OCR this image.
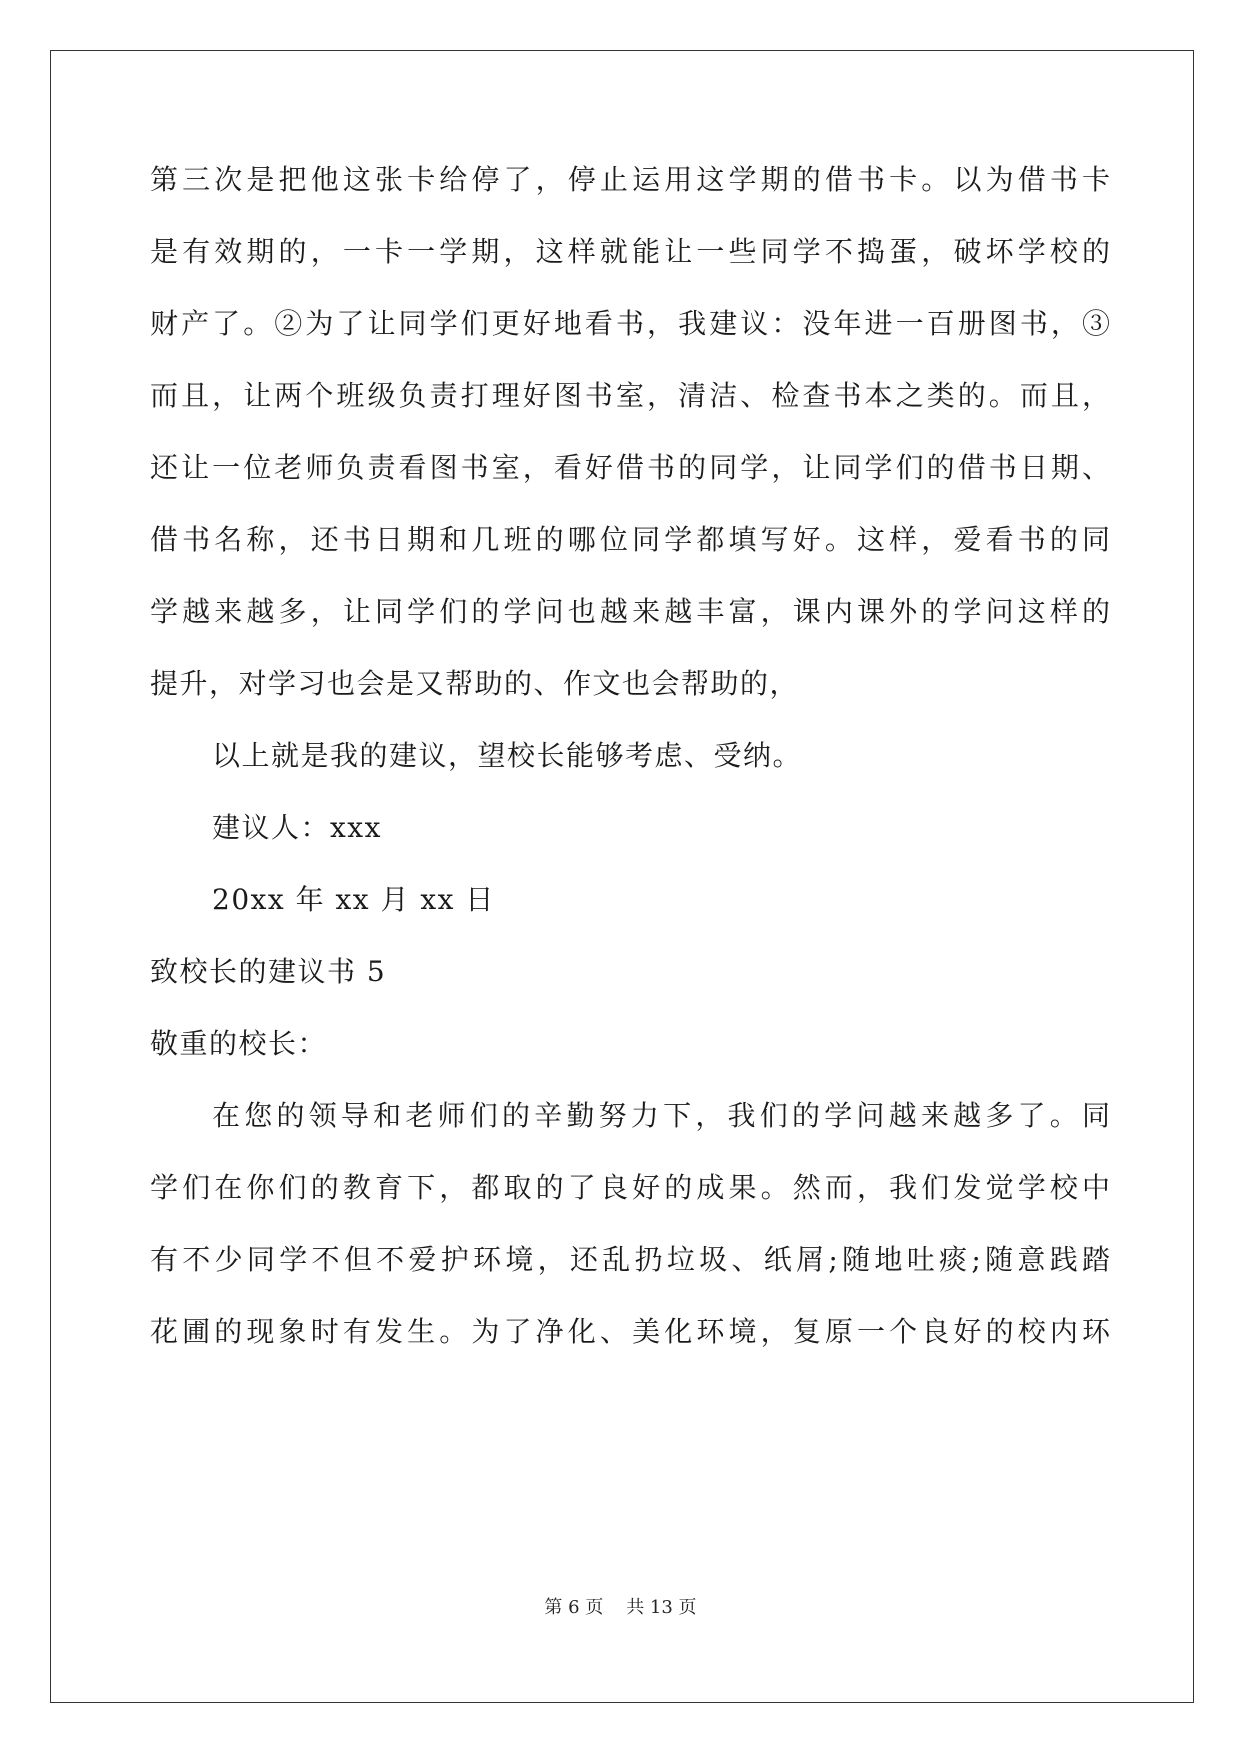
第三次是把他这张卡给停了，停止运用这学期的借书卡。以为借书卡
是有效期的，一卡一学期，这样就能让一些同学不捣蛋，破坏学校的
财产了。②为了让同学们更好地看书，我建议：没年进一百册图书，③
而且，让两个班级负责打理好图书室，清洁、检查书本之类的。而且，
还让一位老师负责看图书室，看好借书的同学，让同学们的借书日期、
借书名称，还书日期和几班的哪位同学都填写好。这样，爱看书的同
学越来越多，让同学们的学问也越来越丰富，课内课外的学问这样的
提升，对学习也会是又帮助的、作文也会帮助的，
以上就是我的建议，望校长能够考虑、受纳。
建议人：xxx
20xx 年 xx 月 xx 日
致校长的建议书 5
敬重的校长：
在您的领导和老师们的辛勤努力下，我们的学问越来越多了。同
学们在你们的教育下，都取的了良好的成果。然而，我们发觉学校中
有不少同学不但不爱护环境，还乱扔垃圾、纸屑;随地吐痰;随意践踏
花圃的现象时有发生。为了净化、美化环境，复原一个良好的校内环
第 6 页    共 13 页
